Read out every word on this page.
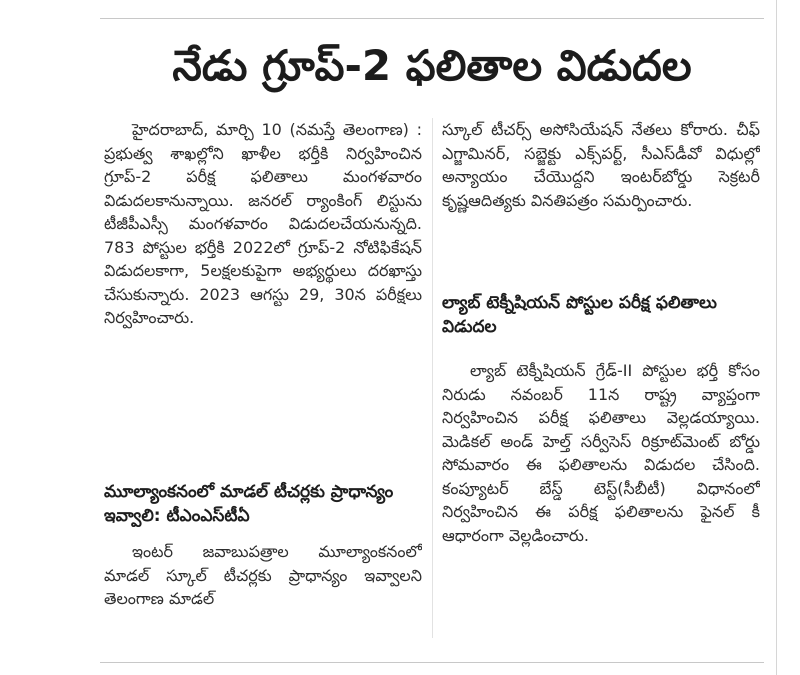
నేడు గ్రూప్‌-2 ఫలితాల విడుదల

హైదరాబాద్‌, మార్చి 10 (నమస్తే తెలంగాణ) : ప్రభుత్వ శాఖల్లోని ఖాళీల భర్తీకి నిర్వహించిన గ్రూప్‌-2 పరీక్ష ఫలితాలు మంగళవారం విడుదలకానున్నాయి. జనరల్‌ ర్యాంకింగ్‌ లిస్టును టీజీపీఎస్సీ మంగళవారం విడుదలచేయనున్నది. 783 పోస్టుల భర్తీకి 2022లో గ్రూప్‌-2 నోటిఫికేషన్‌ విడుదలకాగా, 5లక్షలకుపైగా అభ్యర్థులు దరఖాస్తు చేసుకున్నారు. 2023 ఆగస్టు 29, 30న పరీక్షలు నిర్వహించారు.

మూల్యాంకనంలో మాడల్‌ టీచర్లకు ప్రాధాన్యం ఇవ్వాలి: టీఎంఎస్‌టీఏ

ఇంటర్‌ జవాబుపత్రాల మూల్యాంకనంలో మాడల్‌ స్కూల్‌ టీచర్లకు ప్రాధాన్యం ఇవ్వాలని తెలంగాణ మాడల్‌

స్కూల్‌ టీచర్స్‌ అసోసియేషన్‌ నేతలు కోరారు. చీఫ్‌ ఎగ్జామినర్‌, సబ్జెక్టు ఎక్స్‌పర్ట్‌, సీఎస్‌డీవో విధుల్లో అన్యాయం చేయొద్దని ఇంటర్‌బోర్డు సెక్రటరీ కృష్ణఆదిత్యకు వినతిపత్రం సమర్పించారు.

ల్యాబ్‌ టెక్నీషియన్‌ పోస్టుల పరీక్ష ఫలితాలు విడుదల

ల్యాబ్‌ టెక్నీషియన్‌ గ్రేడ్‌-II పోస్టుల భర్తీ కోసం నిరుడు నవంబర్‌ 11న రాష్ట్ర వ్యాప్తంగా నిర్వహించిన పరీక్ష ఫలితాలు వెల్లడయ్యాయి. మెడికల్‌ అండ్‌ హెల్త్‌ సర్వీసెస్‌ రిక్రూట్‌మెంట్‌ బోర్డు సోమవారం ఈ ఫలితాలను విడుదల చేసింది. కంప్యూటర్‌ బేస్డ్‌ టెస్ట్‌(సీబీటీ) విధానంలో నిర్వహించిన ఈ పరీక్ష ఫలితాలను ఫైనల్‌ కీ ఆధారంగా వెల్లడించారు.
